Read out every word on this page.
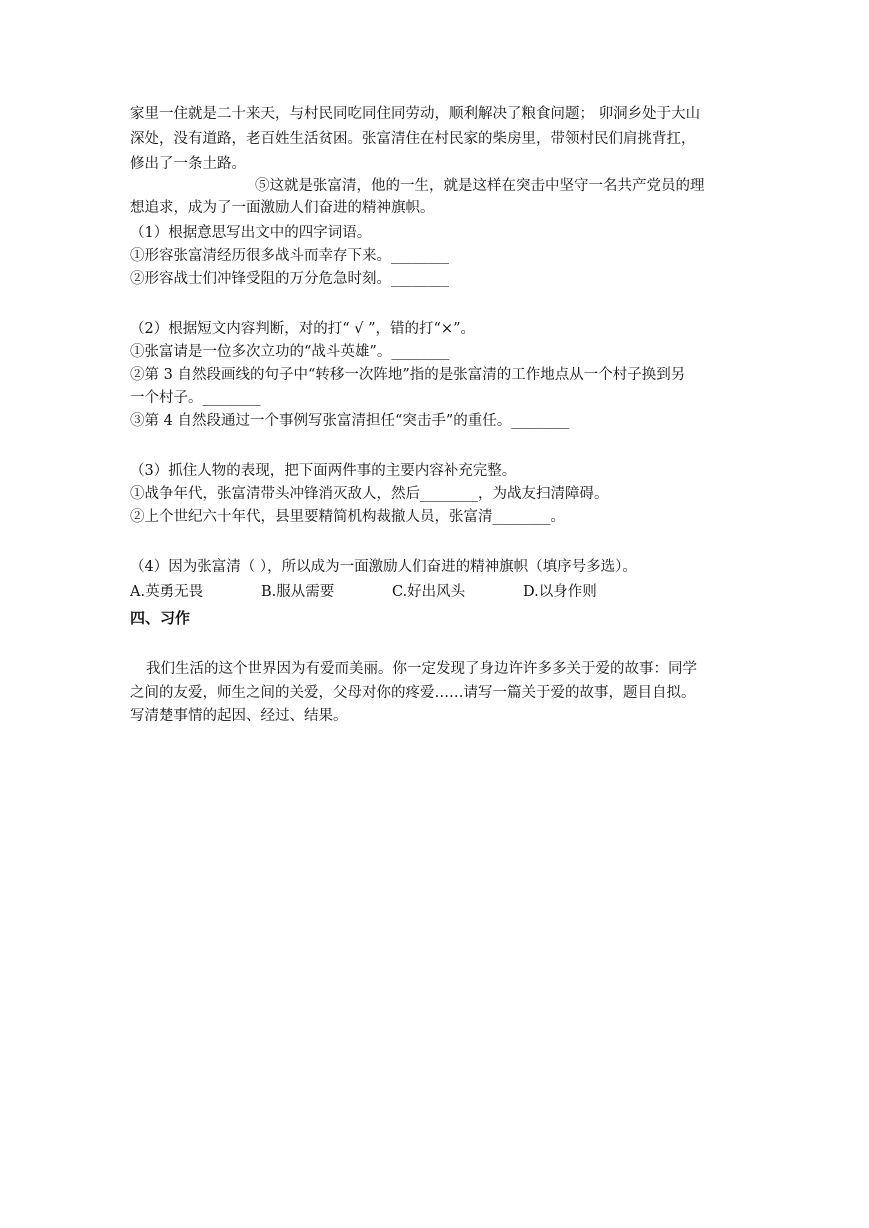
家里一住就是二十来天，与村民同吃同住同劳动，顺利解决了粮食问题； 卯洞乡处于大山
深处，没有道路，老百姓生活贫困。张富清住在村民家的柴房里，带领村民们肩挑背扛，
修出了一条土路。
⑤这就是张富清，他的一生，就是这样在突击中坚守一名共产党员的理
想追求，成为了一面激励人们奋进的精神旗帜。
（1）根据意思写出文中的四字词语。
①形容张富清经历很多战斗而幸存下来。________
②形容战士们冲锋受阻的万分危急时刻。________
（2）根据短文内容判断，对的打“ √ ”，错的打“×”。
①张富请是一位多次立功的“战斗英雄”。________
②第 3 自然段画线的句子中“转移一次阵地”指的是张富清的工作地点从一个村子换到另
一个村子。________
③第 4 自然段通过一个事例写张富清担任“突击手”的重任。________
（3）抓住人物的表现，把下面两件事的主要内容补充完整。
①战争年代，张富清带头冲锋消灭敌人，然后________，为战友扫清障碍。
②上个世纪六十年代，县里要精简机构裁撤人员，张富清________。
（4）因为张富清（ ），所以成为一面激励人们奋进的精神旗帜（填序号多选）。
A.英勇无畏	B.服从需要	C.好出风头	D.以身作则
四、习作
我们生活的这个世界因为有爱而美丽。你一定发现了身边许许多多关于爱的故事：同学
之间的友爱，师生之间的关爱，父母对你的疼爱……请写一篇关于爱的故事，题目自拟。
写清楚事情的起因、经过、结果。
